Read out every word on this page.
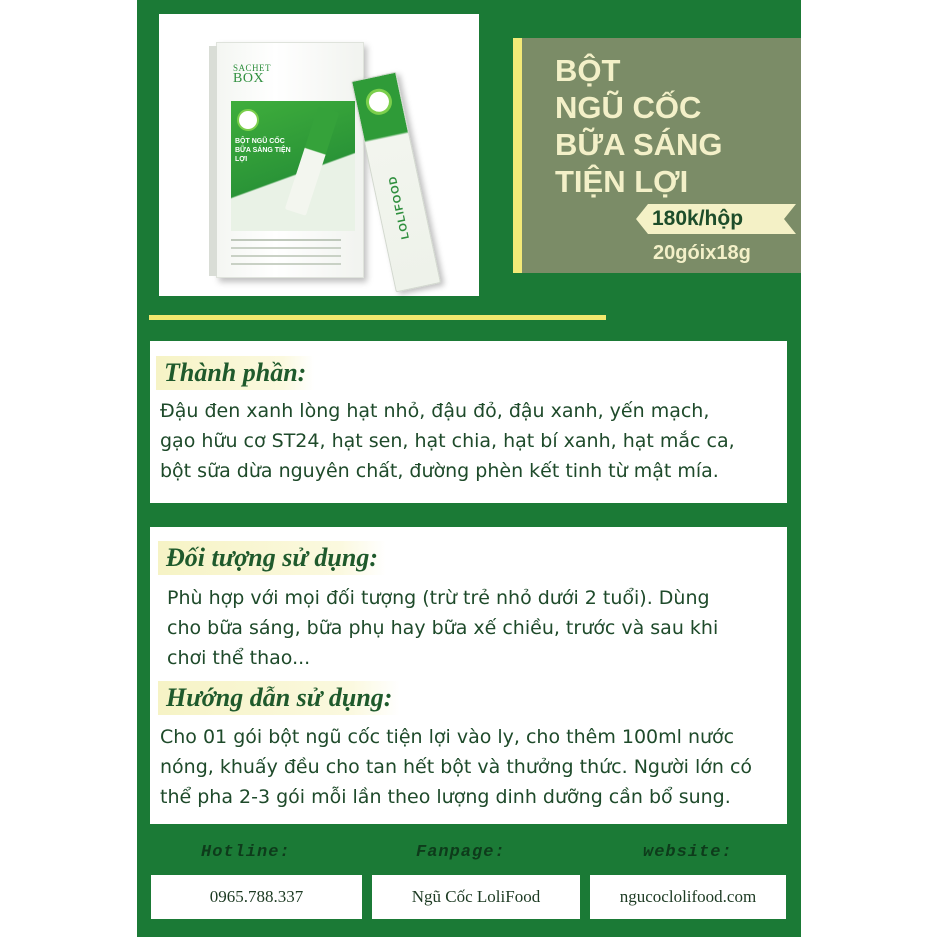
SACHET
BOX
BỘT NGŨ CỐC BỮA SÁNG TIỆN LỢI
LOLIFOOD
BỘT
NGŨ CỐC
BỮA SÁNG
TIỆN LỢI
180k/hộp
20góix18g
Thành phần:
Đậu đen xanh lòng hạt nhỏ, đậu đỏ, đậu xanh, yến mạch,
gạo hữu cơ ST24, hạt sen, hạt chia, hạt bí xanh, hạt mắc ca,
bột sữa dừa nguyên chất, đường phèn kết tinh từ mật mía.
Đối tượng sử dụng:
Phù hợp với mọi đối tượng (trừ trẻ nhỏ dưới 2 tuổi). Dùng
cho bữa sáng, bữa phụ hay bữa xế chiều, trước và sau khi
chơi thể thao...
Hướng dẫn sử dụng:
Cho 01 gói bột ngũ cốc tiện lợi vào ly, cho thêm 100ml nước
nóng, khuấy đều cho tan hết bột và thưởng thức. Người lớn có
thể pha 2-3 gói mỗi lần theo lượng dinh dưỡng cần bổ sung.
Hotline:	Fanpage:	website:
0965.788.337	Ngũ Cốc LoliFood	ngucoclolifood.com
